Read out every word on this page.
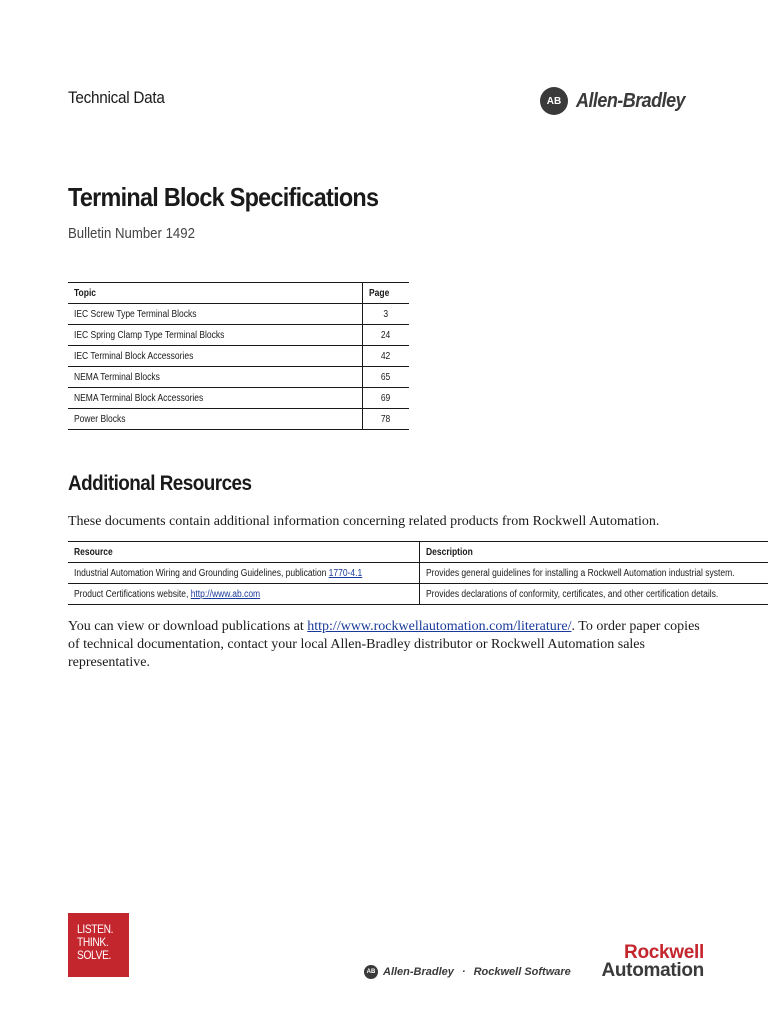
Technical Data	AB Allen-Bradley
Terminal Block Specifications
Bulletin Number 1492
Topic	Page
IEC Screw Type Terminal Blocks	3
IEC Spring Clamp Type Terminal Blocks	24
IEC Terminal Block Accessories	42
NEMA Terminal Blocks	65
NEMA Terminal Block Accessories	69
Power Blocks	78
Additional Resources
These documents contain additional information concerning related products from Rockwell Automation.
Resource	Description
Industrial Automation Wiring and Grounding Guidelines, publication 1770-4.1	Provides general guidelines for installing a Rockwell Automation industrial system.
Product Certifications website, http://www.ab.com	Provides declarations of conformity, certificates, and other certification details.
You can view or download publications at http://www.rockwellautomation.com/literature/. To order paper copies of technical documentation, contact your local Allen-Bradley distributor or Rockwell Automation sales representative.
LISTEN.
THINK.
SOLVE.
AB Allen-Bradley · Rockwell Software
Rockwell
Automation
